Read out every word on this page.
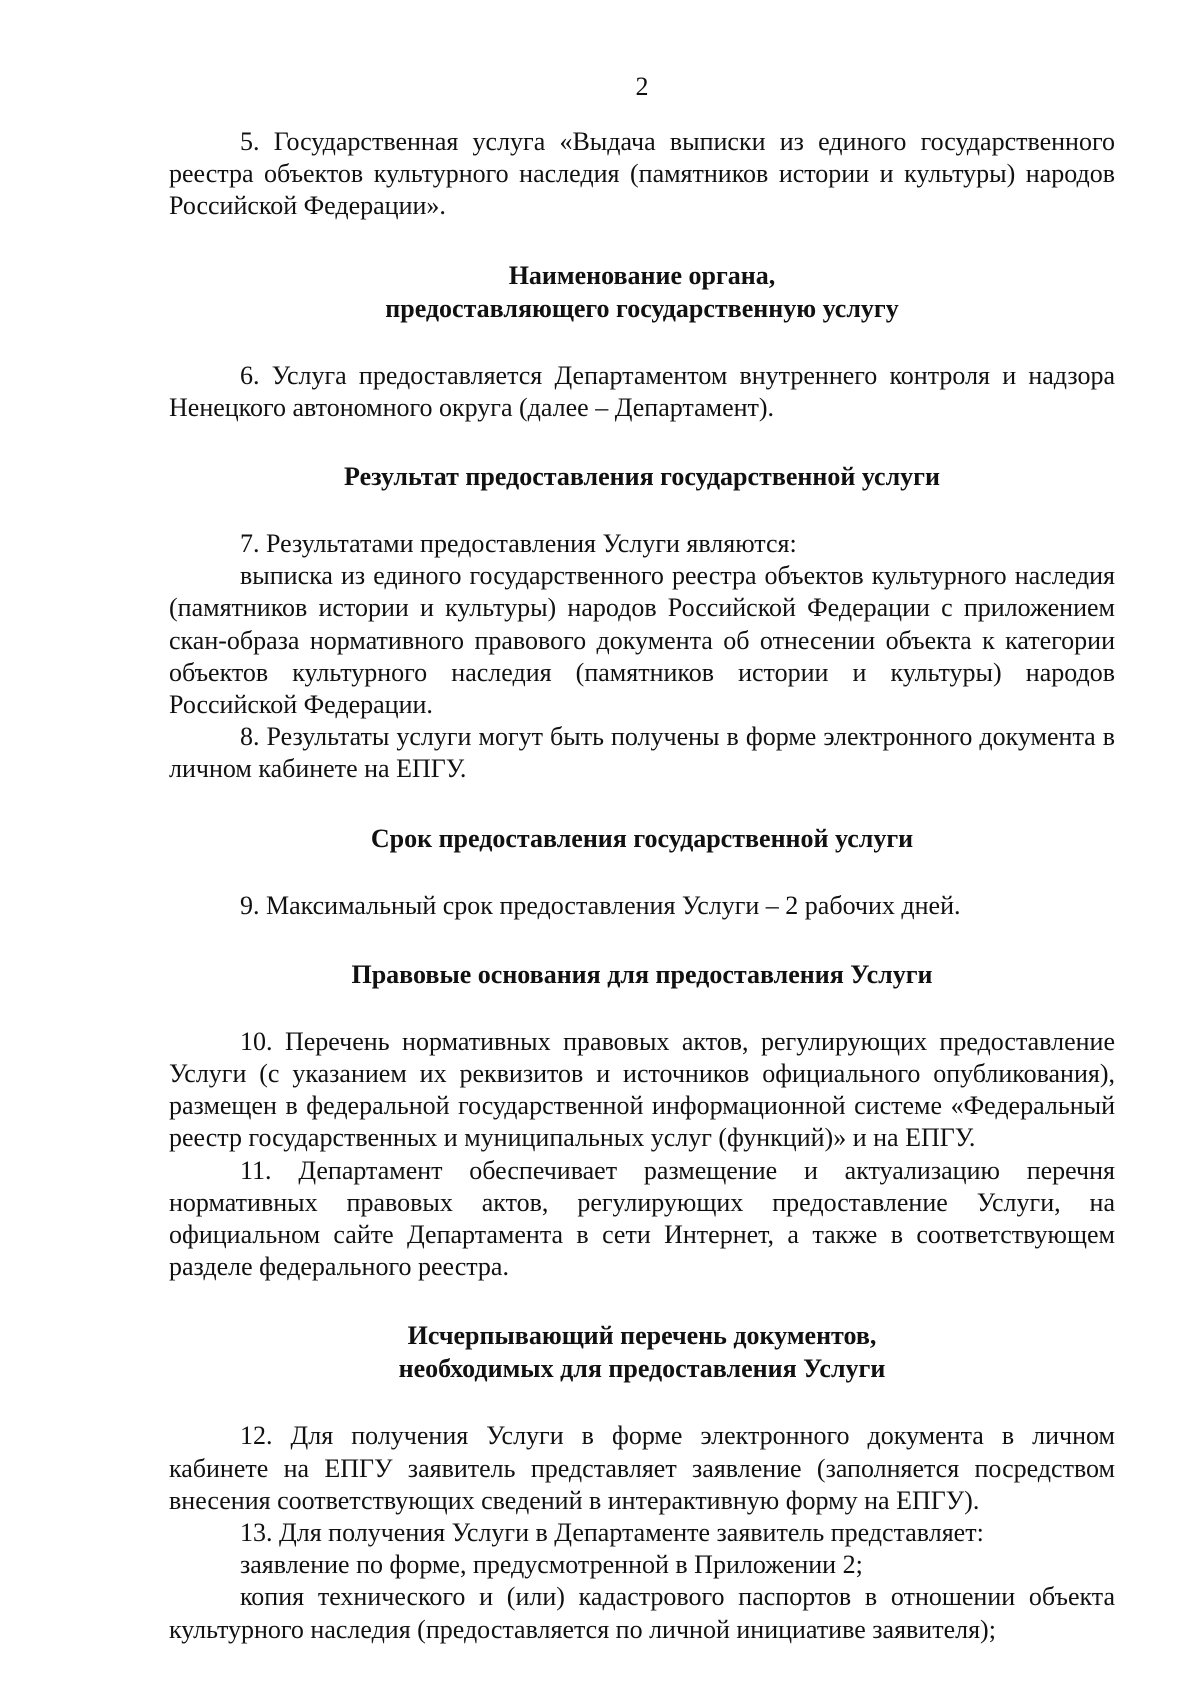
2

5. Государственная услуга «Выдача выписки из единого государственного реестра объектов культурного наследия (памятников истории и культуры) народов Российской Федерации».

Наименование органа,
предоставляющего государственную услугу

6. Услуга предоставляется Департаментом внутреннего контроля и надзора Ненецкого автономного округа (далее – Департамент).

Результат предоставления государственной услуги

7. Результатами предоставления Услуги являются:

выписка из единого государственного реестра объектов культурного наследия (памятников истории и культуры) народов Российской Федерации с приложением скан-образа нормативного правового документа об отнесении объекта к категории объектов культурного наследия (памятников истории и культуры) народов Российской Федерации.

8. Результаты услуги могут быть получены в форме электронного документа в личном кабинете на ЕПГУ.

Срок предоставления государственной услуги

9. Максимальный срок предоставления Услуги – 2 рабочих дней.

Правовые основания для предоставления Услуги

10. Перечень нормативных правовых актов, регулирующих предоставление Услуги (с указанием их реквизитов и источников официального опубликования), размещен в федеральной государственной информационной системе «Федеральный реестр государственных и муниципальных услуг (функций)» и на ЕПГУ.

11. Департамент обеспечивает размещение и актуализацию перечня нормативных правовых актов, регулирующих предоставление Услуги, на официальном сайте Департамента в сети Интернет, а также в соответствующем разделе федерального реестра.

Исчерпывающий перечень документов,
необходимых для предоставления Услуги

12. Для получения Услуги в форме электронного документа в личном кабинете на ЕПГУ заявитель представляет заявление (заполняется посредством внесения соответствующих сведений в интерактивную форму на ЕПГУ).

13. Для получения Услуги в Департаменте заявитель представляет:

заявление по форме, предусмотренной в Приложении 2;

копия технического и (или) кадастрового паспортов в отношении объекта культурного наследия (предоставляется по личной инициативе заявителя);
